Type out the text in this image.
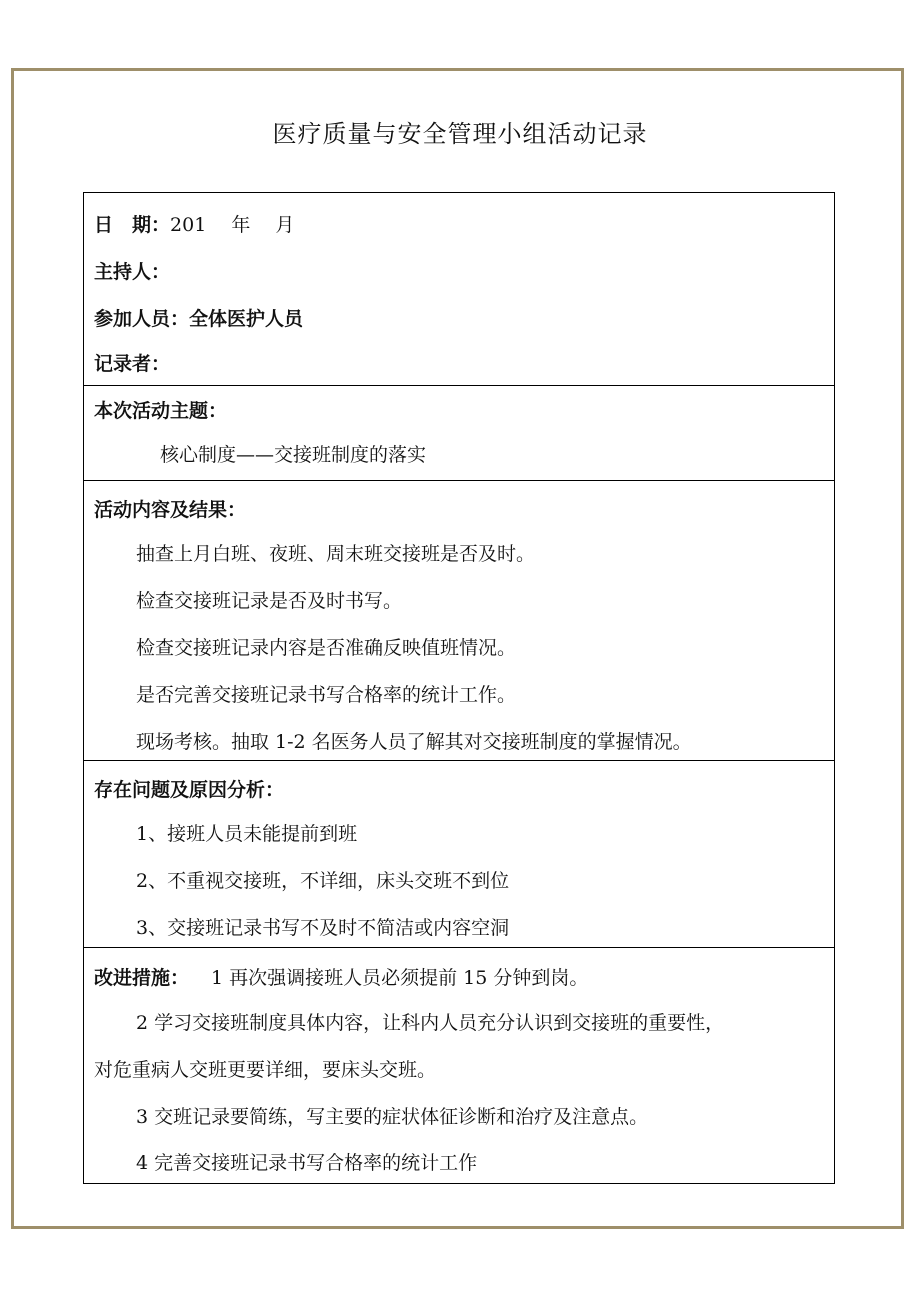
医疗质量与安全管理小组活动记录
日　期：201　 年　 月
主持人：
参加人员：全体医护人员
记录者：
本次活动主题：
核心制度——交接班制度的落实
活动内容及结果：
抽查上月白班、夜班、周末班交接班是否及时。
检查交接班记录是否及时书写。
检查交接班记录内容是否准确反映值班情况。
是否完善交接班记录书写合格率的统计工作。
现场考核。抽取 1-2 名医务人员了解其对交接班制度的掌握情况。
存在问题及原因分析：
1、接班人员未能提前到班
2、不重视交接班，不详细，床头交班不到位
3、交接班记录书写不及时不简洁或内容空洞
改进措施： 1 再次强调接班人员必须提前 15 分钟到岗。
2 学习交接班制度具体内容，让科内人员充分认识到交接班的重要性，
对危重病人交班更要详细，要床头交班。
3 交班记录要简练，写主要的症状体征诊断和治疗及注意点。
4 完善交接班记录书写合格率的统计工作
